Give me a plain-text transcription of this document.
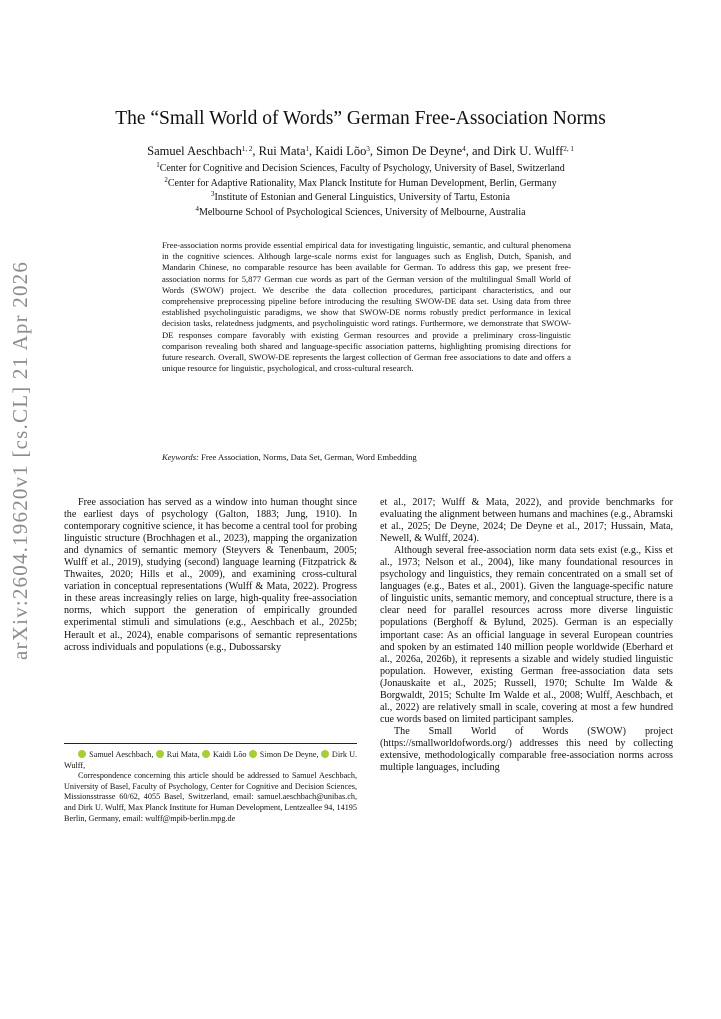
arXiv:2604.19620v1 [cs.CL] 21 Apr 2026
The “Small World of Words” German Free-Association Norms
Samuel Aeschbach$^{1, 2}$, Rui Mata$^1$, Kaidi Lõo$^3$, Simon De Deyne$^4$, and Dirk U. Wulff$^{2, 1}$
$^1$Center for Cognitive and Decision Sciences, Faculty of Psychology, University of Basel, Switzerland
$^2$Center for Adaptive Rationality, Max Planck Institute for Human Development, Berlin, Germany
$^3$Institute of Estonian and General Linguistics, University of Tartu, Estonia
$^4$Melbourne School of Psychological Sciences, University of Melbourne, Australia
Free-association norms provide essential empirical data for investigating linguistic, semantic, and cultural phenomena in the cognitive sciences. Although large-scale norms exist for languages such as English, Dutch, Spanish, and Mandarin Chinese, no comparable resource has been available for German. To address this gap, we present free-association norms for 5,877 German cue words as part of the German version of the multilingual Small World of Words (SWOW) project. We describe the data collection procedures, participant characteristics, and our comprehensive preprocessing pipeline before introducing the resulting SWOW-DE data set. Using data from three established psycholinguistic paradigms, we show that SWOW-DE norms robustly predict performance in lexical decision tasks, relatedness judgments, and psycholinguistic word ratings. Furthermore, we demonstrate that SWOW-DE responses compare favorably with existing German resources and provide a preliminary cross-linguistic comparison revealing both shared and language-specific association patterns, highlighting promising directions for future research. Overall, SWOW-DE represents the largest collection of German free associations to date and offers a unique resource for linguistic, psychological, and cross-cultural research.
Keywords: Free Association, Norms, Data Set, German, Word Embedding

Free association has served as a window into human thought since the earliest days of psychology (Galton, 1883; Jung, 1910). In contemporary cognitive science, it has become a central tool for probing linguistic structure (Brochhagen et al., 2023), mapping the organization and dynamics of semantic memory (Steyvers & Tenenbaum, 2005; Wulff et al., 2019), studying (second) language learning (Fitzpatrick & Thwaites, 2020; Hills et al., 2009), and examining cross-cultural variation in conceptual representations (Wulff & Mata, 2022). Progress in these areas increasingly relies on large, high-quality free-association norms, which support the generation of empirically grounded experimental stimuli and simulations (e.g., Aeschbach et al., 2025b; Herault et al., 2024), enable comparisons of semantic representations across individuals and populations (e.g., Dubossarsky

et al., 2017; Wulff & Mata, 2022), and provide benchmarks for evaluating the alignment between humans and machines (e.g., Abramski et al., 2025; De Deyne, 2024; De Deyne et al., 2017; Hussain, Mata, Newell, & Wulff, 2024).

Although several free-association norm data sets exist (e.g., Kiss et al., 1973; Nelson et al., 2004), like many foundational resources in psychology and linguistics, they remain concentrated on a small set of languages (e.g., Bates et al., 2001). Given the language-specific nature of linguistic units, semantic memory, and conceptual structure, there is a clear need for parallel resources across more diverse linguistic populations (Berghoff & Bylund, 2025). German is an especially important case: As an official language in several European countries and spoken by an estimated 140 million people worldwide (Eberhard et al., 2026a, 2026b), it represents a sizable and widely studied linguistic population. However, existing German free-association data sets (Jonauskaite et al., 2025; Russell, 1970; Schulte Im Walde & Borgwaldt, 2015; Schulte Im Walde et al., 2008; Wulff, Aeschbach, et al., 2022) are relatively small in scale, covering at most a few hundred cue words based on limited participant samples.

The Small World of Words (SWOW) project (https://smallworldofwords.org/) addresses this need by collecting extensive, methodologically comparable free-association norms across multiple languages, including

iD Samuel Aeschbach, iD Rui Mata, iD Kaidi Lõo iD Simon De Deyne, iD Dirk U. Wulff,

Correspondence concerning this article should be addressed to Samuel Aeschbach, University of Basel, Faculty of Psychology, Center for Cognitive and Decision Sciences, Missionsstrasse 60/62, 4055 Basel, Switzerland, email: samuel.aeschbach@unibas.ch, and Dirk U. Wulff, Max Planck Institute for Human Development, Lentzeallee 94, 14195 Berlin, Germany, email: wulff@mpib-berlin.mpg.de
